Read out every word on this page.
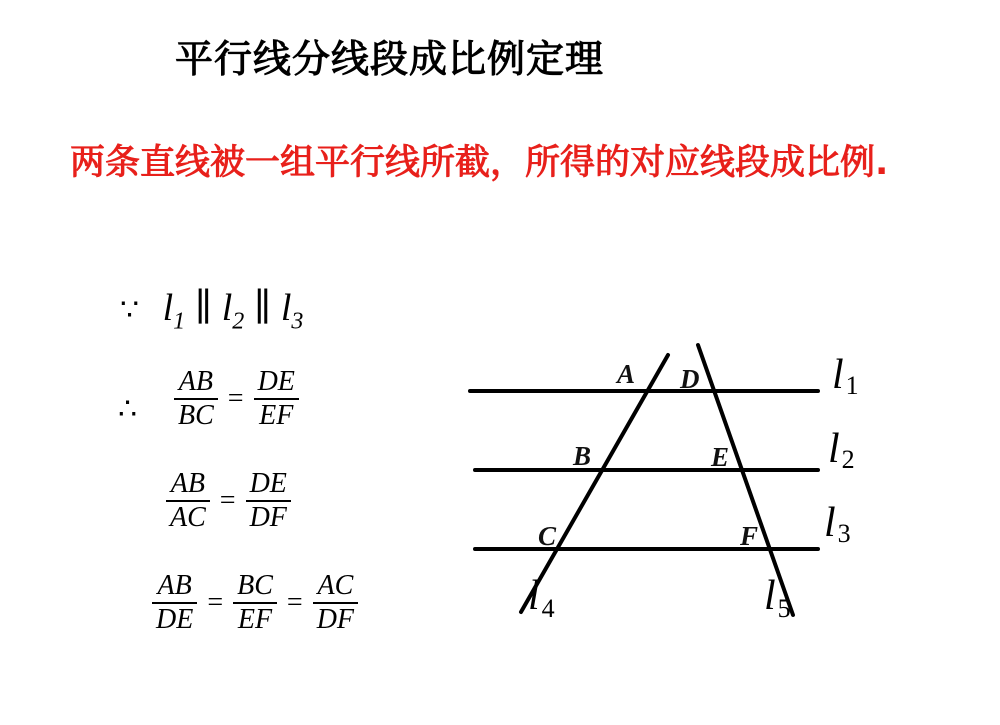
平行线分线段成比例定理
两条直线被一组平行线所截，所得的对应线段成比例.
∵ $l_1$ ∥ $l_2$ ∥ $l_3$
∴ $\frac{AB}{BC} = \frac{DE}{EF}$
$\frac{AB}{AC} = \frac{DE}{DF}$
$\frac{AB}{DE} = \frac{BC}{EF} = \frac{AC}{DF}$
A D
B	E
C	F
l1
l2
l3
l4	l5
